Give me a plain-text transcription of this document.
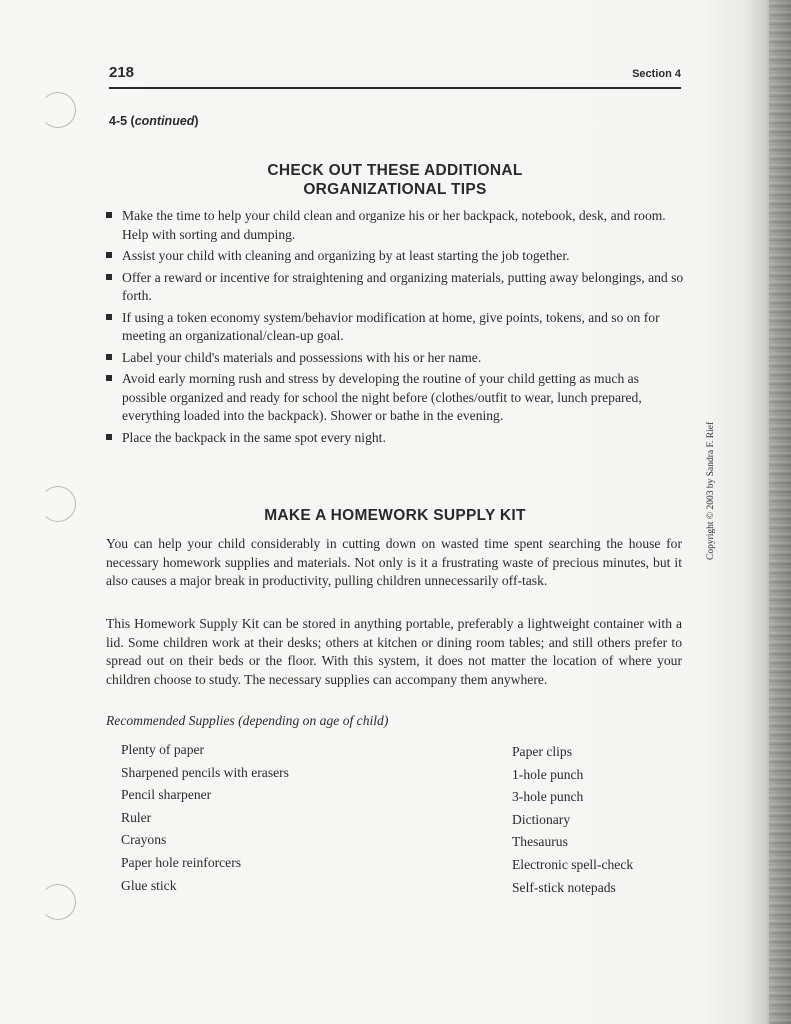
218	Section 4
4-5 (continued)
CHECK OUT THESE ADDITIONAL
ORGANIZATIONAL TIPS
Make the time to help your child clean and organize his or her backpack, notebook, desk, and room. Help with sorting and dumping.
Assist your child with cleaning and organizing by at least starting the job together.
Offer a reward or incentive for straightening and organizing materials, putting away belongings, and so forth.
If using a token economy system/behavior modification at home, give points, tokens, and so on for meeting an organizational/clean-up goal.
Label your child's materials and possessions with his or her name.
Avoid early morning rush and stress by developing the routine of your child getting as much as possible organized and ready for school the night before (clothes/outfit to wear, lunch prepared, everything loaded into the backpack). Shower or bathe in the evening.
Place the backpack in the same spot every night.
MAKE A HOMEWORK SUPPLY KIT

You can help your child considerably in cutting down on wasted time spent searching the house for necessary homework supplies and materials. Not only is it a frustrating waste of precious minutes, but it also causes a major break in productivity, pulling children unnecessarily off-task.

This Homework Supply Kit can be stored in anything portable, preferably a lightweight container with a lid. Some children work at their desks; others at kitchen or dining room tables; and still others prefer to spread out on their beds or the floor. With this system, it does not matter the location of where your children choose to study. The necessary supplies can accompany them anywhere.

Recommended Supplies (depending on age of child)
Plenty of paper
Sharpened pencils with erasers
Pencil sharpener
Ruler
Crayons
Paper hole reinforcers
Glue stick
Paper clips
1-hole punch
3-hole punch
Dictionary
Thesaurus
Electronic spell-check
Self-stick notepads
Copyright © 2003 by Sandra F. Rief
